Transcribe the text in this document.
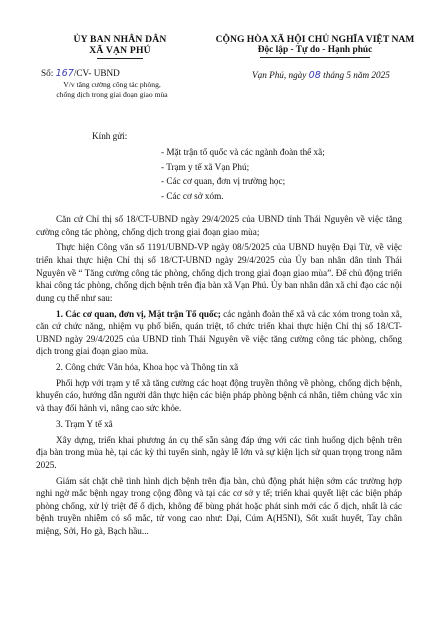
ỦY BAN NHÂN DÂN
XÃ VẠN PHÚ
CỘNG HÒA XÃ HỘI CHỦ NGHĨA VIỆT NAM
Độc lập - Tự do - Hạnh phúc
Số: 167/CV- UBND
V/v tăng cường công tác phòng,
chống dịch trong giai đoạn giao mùa
Vạn Phú, ngày 08 tháng 5 năm 2025
Kính gửi:
- Mặt trận tổ quốc và các ngành đoàn thể xã;
- Trạm y tế xã Vạn Phú;
- Các cơ quan, đơn vị trường học;
- Các cơ sở xóm.

Căn cứ Chỉ thị số 18/CT-UBND ngày 29/4/2025 của UBND tỉnh Thái Nguyên về việc tăng cường công tác phòng, chống dịch trong giai đoạn giao mùa;

Thực hiện Công văn số 1191/UBND-VP ngày 08/5/2025 của UBND huyện Đại Từ, về việc triển khai thực hiện Chỉ thị số 18/CT-UBND ngày 29/4/2025 của Ủy ban nhân dân tỉnh Thái Nguyên về “ Tăng cường công tác phòng, chống dịch trong giai đoạn giao mùa”. Để chủ động triển khai công tác phòng, chống dịch bệnh trên địa bàn xã Vạn Phú. Ủy ban nhân dân xã chỉ đạo các nội dung cụ thể như sau:

1. Các cơ quan, đơn vị, Mặt trận Tổ quốc; các ngành đoàn thể xã và các xóm trong toàn xã, căn cứ chức năng, nhiệm vụ phổ biến, quán triệt, tổ chức triển khai thực hiện Chỉ thị số 18/CT-UBND ngày 29/4/2025 của UBND tỉnh Thái Nguyên về việc tăng cường công tác phòng, chống dịch trong giai đoạn giao mùa.

2. Công chức Văn hóa, Khoa học và Thông tin xã

Phối hợp với trạm y tế xã tăng cường các hoạt động truyền thông về phòng, chống dịch bệnh, khuyến cáo, hướng dẫn người dân thực hiện các biện pháp phòng bệnh cá nhân, tiêm chủng vắc xin và thay đổi hành vi, nâng cao sức khỏe.

3. Trạm Y tế xã

Xây dựng, triển khai phương án cụ thể sẵn sàng đáp ứng với các tình huống dịch bệnh trên địa bàn trong mùa hè, tại các kỳ thi tuyển sinh, ngày lễ lớn và sự kiện lịch sử quan trọng trong năm 2025.

Giám sát chặt chẽ tình hình dịch bệnh trên địa bàn, chủ động phát hiện sớm các trường hợp nghi ngờ mắc bệnh ngay trong cộng đồng và tại các cơ sở y tế; triển khai quyết liệt các biện pháp phòng chống, xử lý triệt để ổ dịch, không để bùng phát hoặc phát sinh mới các ổ dịch, nhất là các bệnh truyền nhiễm có số mắc, tử vong cao như: Dại, Cúm A(H5NI), Sốt xuất huyết, Tay chân miệng, Sởi, Ho gà, Bạch hầu...
